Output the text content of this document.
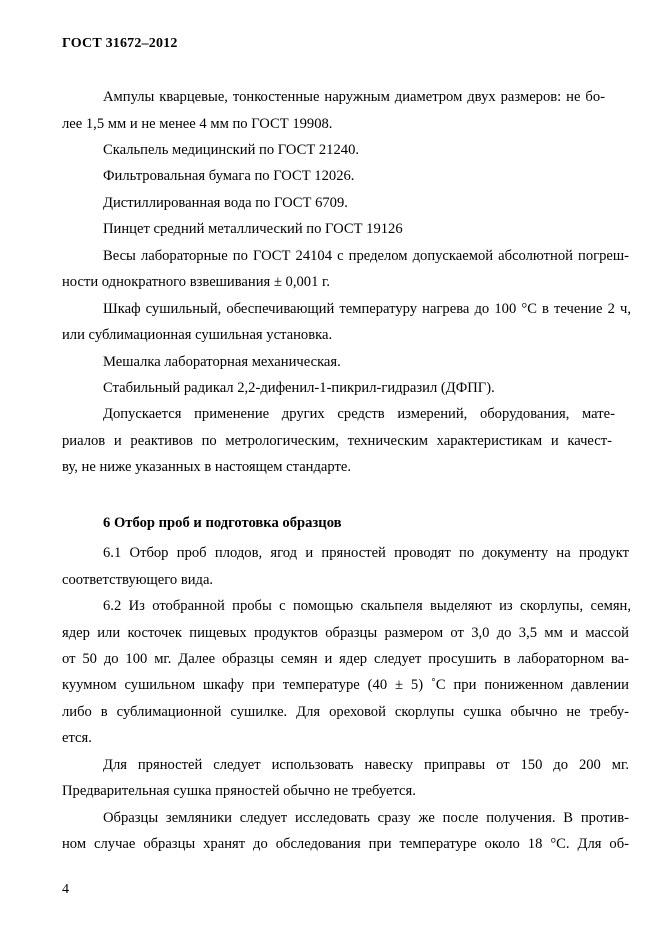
ГОСТ 31672–2012
Ампулы кварцевые, тонкостенные наружным диаметром двух размеров: не бо-
лее 1,5 мм и не менее 4 мм по ГОСТ 19908.
Скальпель медицинский по ГОСТ 21240.
Фильтровальная бумага по ГОСТ 12026.
Дистиллированная вода по ГОСТ 6709.
Пинцет средний металлический по ГОСТ 19126
Весы лабораторные по ГОСТ 24104 с пределом допускаемой абсолютной погреш-
ности однократного взвешивания ± 0,001 г.
Шкаф сушильный, обеспечивающий температуру нагрева до 100 °С в течение 2 ч,
или сублимационная сушильная установка.
Мешалка лабораторная механическая.
Стабильный радикал 2,2-дифенил-1-пикрил-гидразил (ДФПГ).
Допускается применение других средств измерений, оборудования, мате-
риалов и реактивов по метрологическим, техническим характеристикам и качест-
ву, не ниже указанных в настоящем стандарте.
6 Отбор проб и подготовка образцов
6.1 Отбор проб плодов, ягод и пряностей проводят по документу на продукт
соответствующего вида.
6.2 Из отобранной пробы с помощью скальпеля выделяют из скорлупы, семян,
ядер или косточек пищевых продуктов образцы размером от 3,0 до 3,5 мм и массой
от 50 до 100 мг. Далее образцы семян и ядер следует просушить в лабораторном ва-
куумном сушильном шкафу при температуре (40 ± 5) ˚С при пониженном давлении
либо в сублимационной сушилке. Для ореховой скорлупы сушка обычно не требу-
ется.
Для пряностей следует использовать навеску приправы от 150 до 200 мг.
Предварительная сушка пряностей обычно не требуется.
Образцы земляники следует исследовать сразу же после получения. В против-
ном случае образцы хранят до обследования при температуре около 18 °С. Для об-
4
